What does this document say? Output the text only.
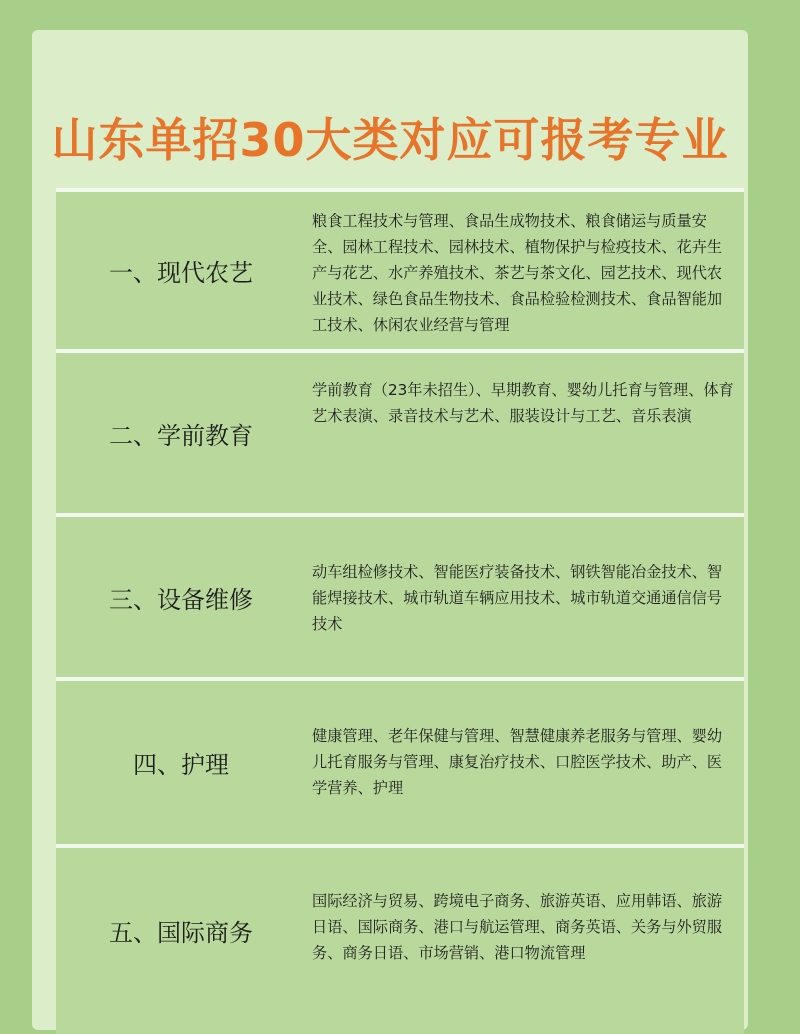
山东单招30大类对应可报考专业
一、现代农艺
粮食工程技术与管理、食品生成物技术、粮食储运与质量安全、园林工程技术、园林技术、植物保护与检疫技术、花卉生产与花艺、水产养殖技术、茶艺与茶文化、园艺技术、现代农业技术、绿色食品生物技术、食品检验检测技术、食品智能加工技术、休闲农业经营与管理
二、学前教育
学前教育（23年未招生）、早期教育、婴幼儿托育与管理、体育艺术表演、录音技术与艺术、服装设计与工艺、音乐表演
三、设备维修
动车组检修技术、智能医疗装备技术、钢铁智能冶金技术、智能焊接技术、城市轨道车辆应用技术、城市轨道交通通信信号技术
四、护理
健康管理、老年保健与管理、智慧健康养老服务与管理、婴幼儿托育服务与管理、康复治疗技术、口腔医学技术、助产、医学营养、护理
五、国际商务
国际经济与贸易、跨境电子商务、旅游英语、应用韩语、旅游日语、国际商务、港口与航运管理、商务英语、关务与外贸服务、商务日语、市场营销、港口物流管理
